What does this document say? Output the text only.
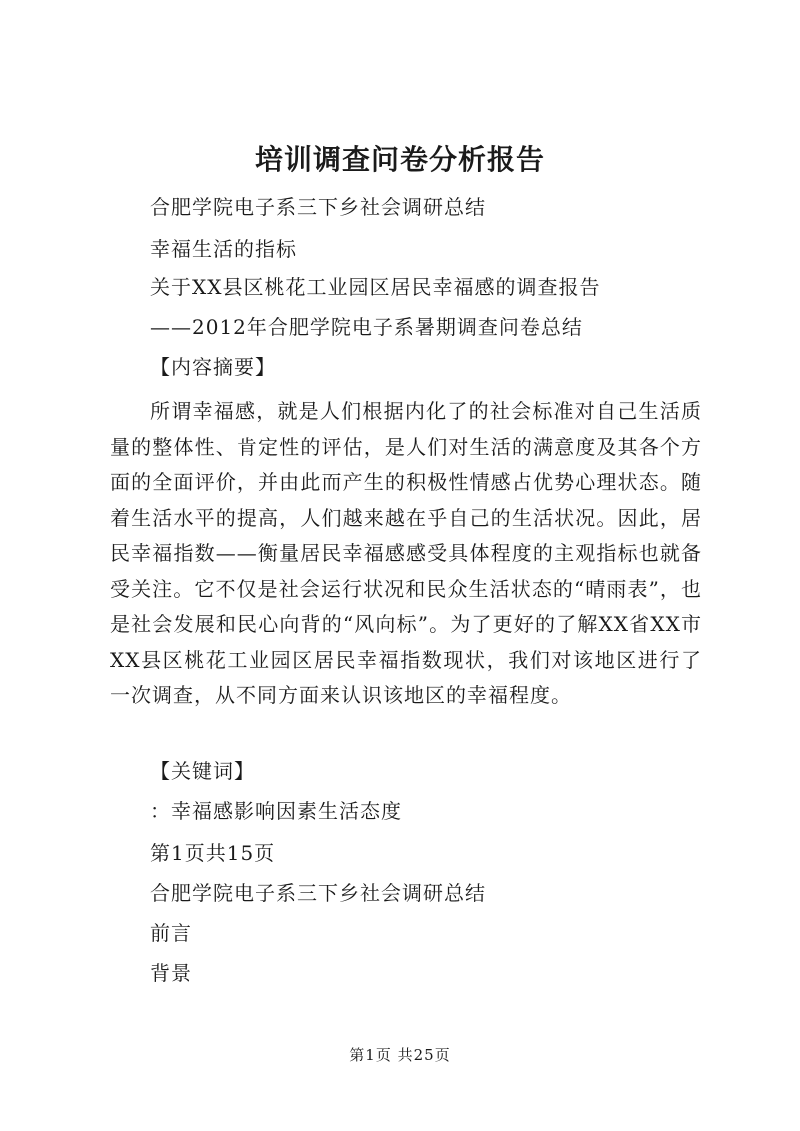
培训调查问卷分析报告
合肥学院电子系三下乡社会调研总结
幸福生活的指标
关于XX县区桃花工业园区居民幸福感的调查报告
——2012年合肥学院电子系暑期调查问卷总结
【内容摘要】
所谓幸福感，就是人们根据内化了的社会标准对自己生活质量的整体性、肯定性的评估，是人们对生活的满意度及其各个方面的全面评价，并由此而产生的积极性情感占优势心理状态。随着生活水平的提高，人们越来越在乎自己的生活状况。因此，居民幸福指数——衡量居民幸福感感受具体程度的主观指标也就备受关注。它不仅是社会运行状况和民众生活状态的“晴雨表”，也是社会发展和民心向背的“风向标”。为了更好的了解XX省XX市XX县区桃花工业园区居民幸福指数现状，我们对该地区进行了一次调查，从不同方面来认识该地区的幸福程度。
【关键词】
：幸福感影响因素生活态度
第1页共15页
合肥学院电子系三下乡社会调研总结
前言
背景
第1页 共25页
